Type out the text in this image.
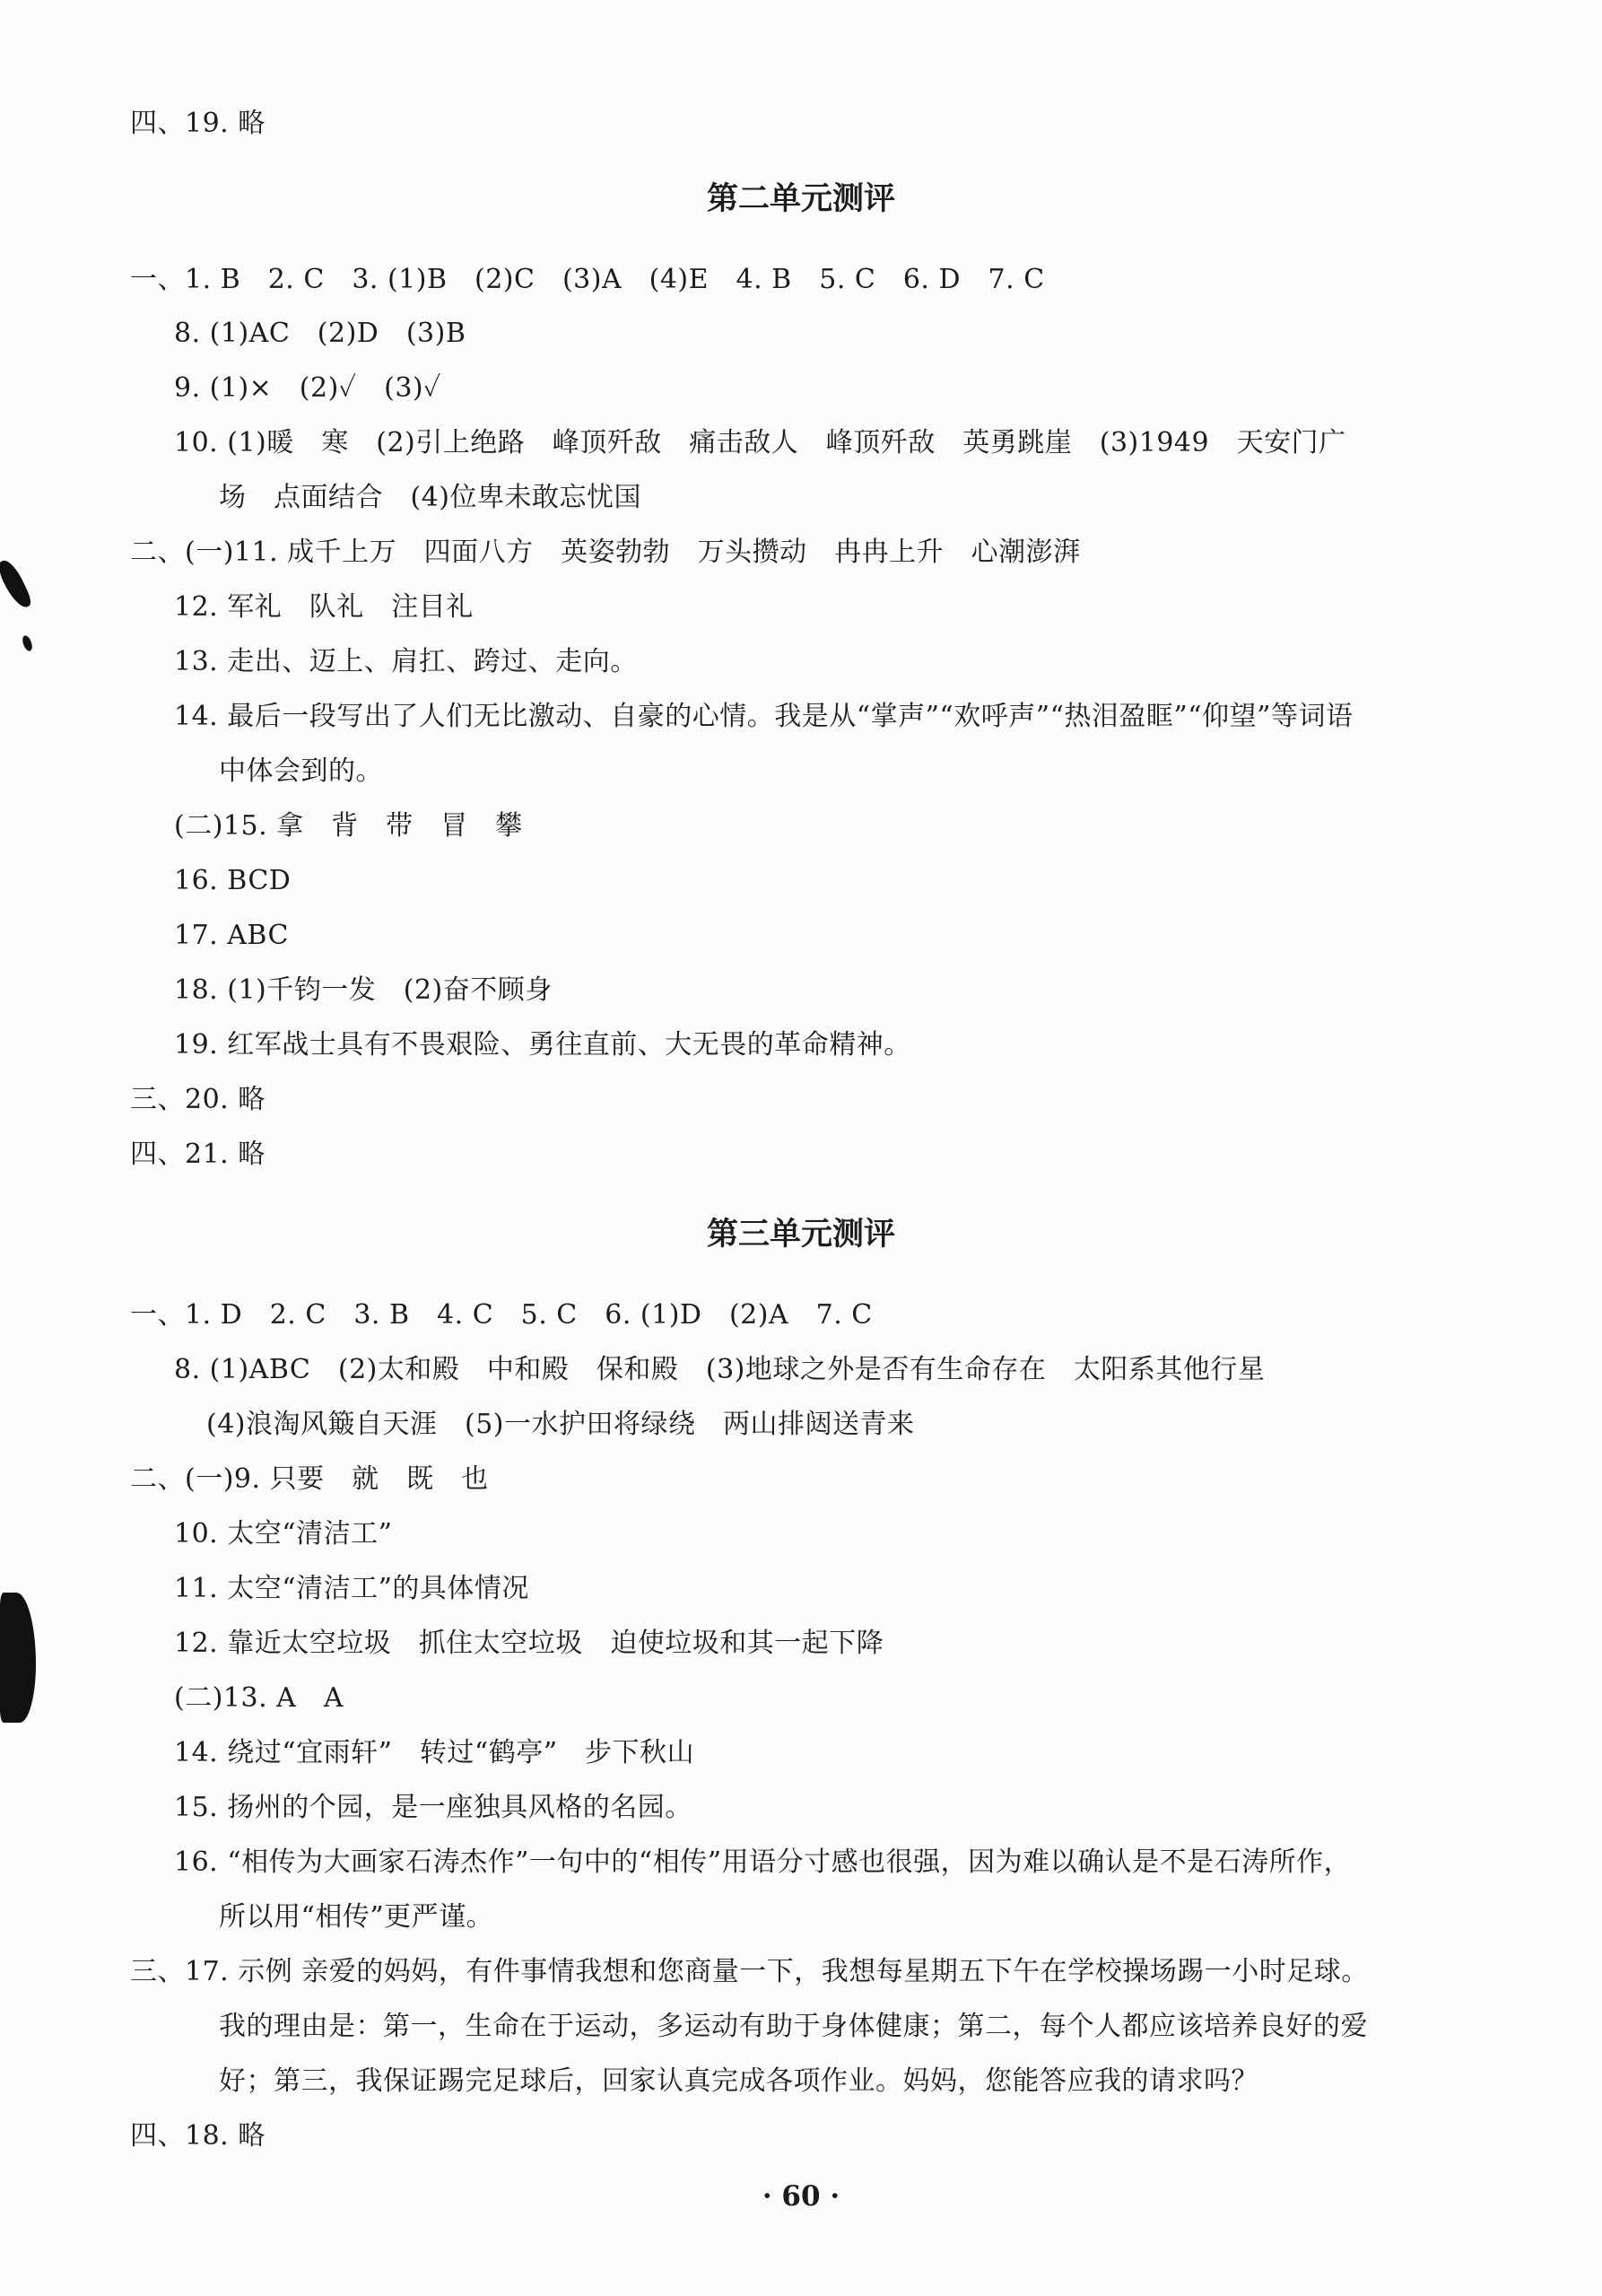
四、19. 略
第二单元测评
一、1. B　2. C　3. (1)B　(2)C　(3)A　(4)E　4. B　5. C　6. D　7. C
8. (1)AC　(2)D　(3)B
9. (1)×　(2)✓　(3)✓
10. (1)暖　寒　(2)引上绝路　峰顶歼敌　痛击敌人　峰顶歼敌　英勇跳崖　(3)1949　天安门广
场　点面结合　(4)位卑未敢忘忧国
二、(一)11. 成千上万　四面八方　英姿勃勃　万头攒动　冉冉上升　心潮澎湃
12. 军礼　队礼　注目礼
13. 走出、迈上、肩扛、跨过、走向。
14. 最后一段写出了人们无比激动、自豪的心情。我是从“掌声”“欢呼声”“热泪盈眶”“仰望”等词语
中体会到的。
(二)15. 拿　背　带　冒　攀
16. BCD
17. ABC
18. (1)千钧一发　(2)奋不顾身
19. 红军战士具有不畏艰险、勇往直前、大无畏的革命精神。
三、20. 略
四、21. 略
第三单元测评
一、1. D　2. C　3. B　4. C　5. C　6. (1)D　(2)A　7. C
8. (1)ABC　(2)太和殿　中和殿　保和殿　(3)地球之外是否有生命存在　太阳系其他行星
(4)浪淘风簸自天涯　(5)一水护田将绿绕　两山排闼送青来
二、(一)9. 只要　就　既　也
10. 太空“清洁工”
11. 太空“清洁工”的具体情况
12. 靠近太空垃圾　抓住太空垃圾　迫使垃圾和其一起下降
(二)13. A　A
14. 绕过“宜雨轩”　转过“鹤亭”　步下秋山
15. 扬州的个园，是一座独具风格的名园。
16. “相传为大画家石涛杰作”一句中的“相传”用语分寸感也很强，因为难以确认是不是石涛所作，
所以用“相传”更严谨。
三、17. 示例 亲爱的妈妈，有件事情我想和您商量一下，我想每星期五下午在学校操场踢一小时足球。
我的理由是：第一，生命在于运动，多运动有助于身体健康；第二，每个人都应该培养良好的爱
好；第三，我保证踢完足球后，回家认真完成各项作业。妈妈，您能答应我的请求吗？
四、18. 略
· 60 ·
